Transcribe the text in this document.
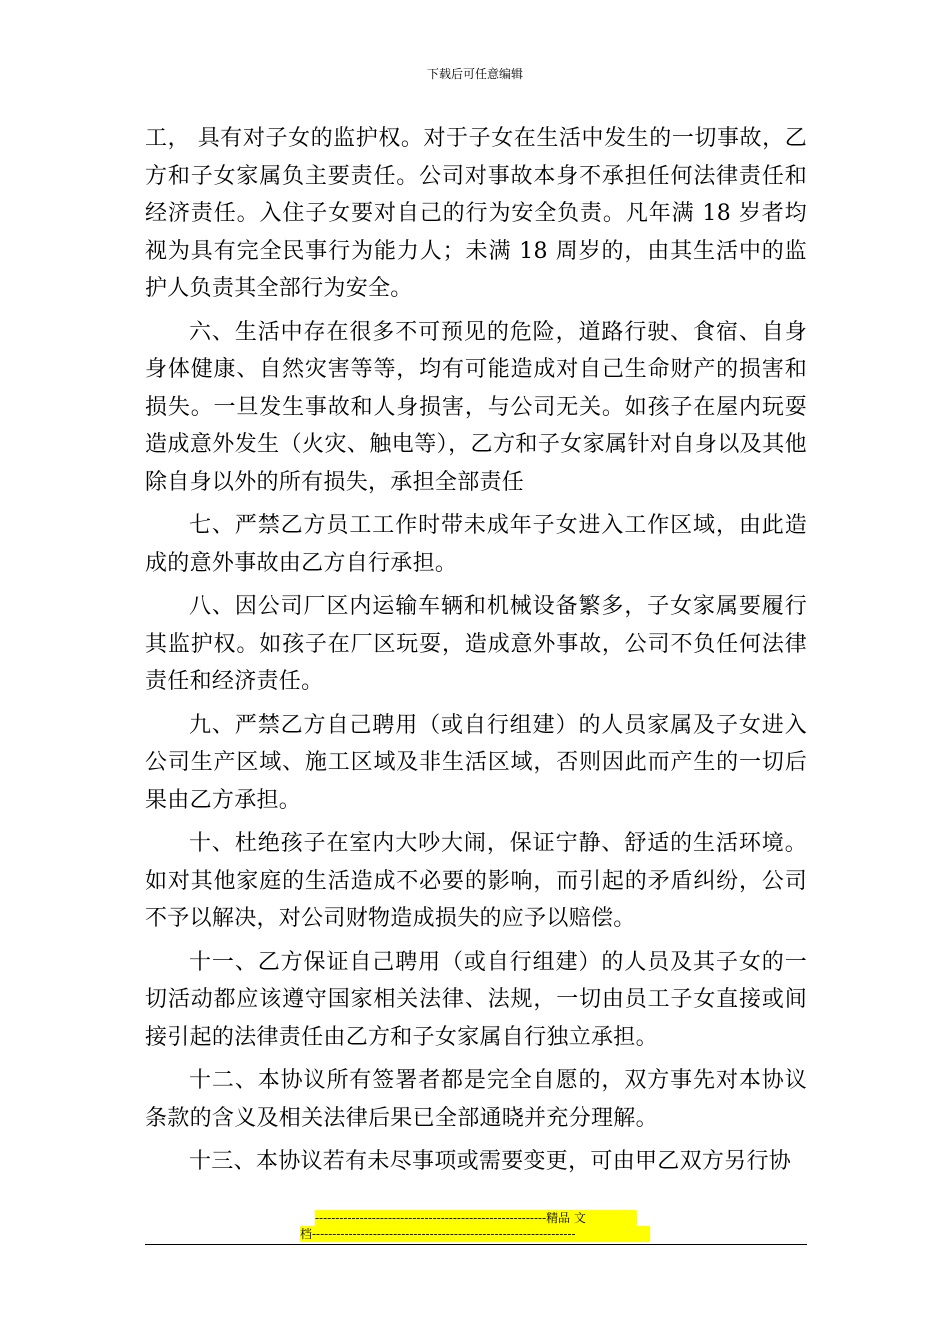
下载后可任意编辑

工， 具有对子女的监护权。对于子女在生活中发生的一切事故，乙方和子女家属负主要责任。公司对事故本身不承担任何法律责任和经济责任。入住子女要对自己的行为安全负责。凡年满 18 岁者均视为具有完全民事行为能力人；未满 18 周岁的，由其生活中的监护人负责其全部行为安全。

六、生活中存在很多不可预见的危险，道路行驶、食宿、自身身体健康、自然灾害等等，均有可能造成对自己生命财产的损害和损失。一旦发生事故和人身损害，与公司无关。如孩子在屋内玩耍造成意外发生（火灾、触电等），乙方和子女家属针对自身以及其他除自身以外的所有损失，承担全部责任

七、严禁乙方员工工作时带未成年子女进入工作区域，由此造成的意外事故由乙方自行承担。

八、因公司厂区内运输车辆和机械设备繁多，子女家属要履行其监护权。如孩子在厂区玩耍，造成意外事故，公司不负任何法律责任和经济责任。

九、严禁乙方自己聘用（或自行组建）的人员家属及子女进入公司生产区域、施工区域及非生活区域，否则因此而产生的一切后果由乙方承担。

十、杜绝孩子在室内大吵大闹，保证宁静、舒适的生活环境。如对其他家庭的生活造成不必要的影响，而引起的矛盾纠纷，公司不予以解决，对公司财物造成损失的应予以赔偿。

十一、乙方保证自己聘用（或自行组建）的人员及其子女的一切活动都应该遵守国家相关法律、法规，一切由员工子女直接或间接引起的法律责任由乙方和子女家属自行独立承担。

十二、本协议所有签署者都是完全自愿的，双方事先对本协议条款的含义及相关法律后果已全部通晓并充分理解。

十三、本协议若有未尽事项或需要变更，可由甲乙双方另行协

---------------------------------------------------------精品 文
档-----------------------------------------------------------------
